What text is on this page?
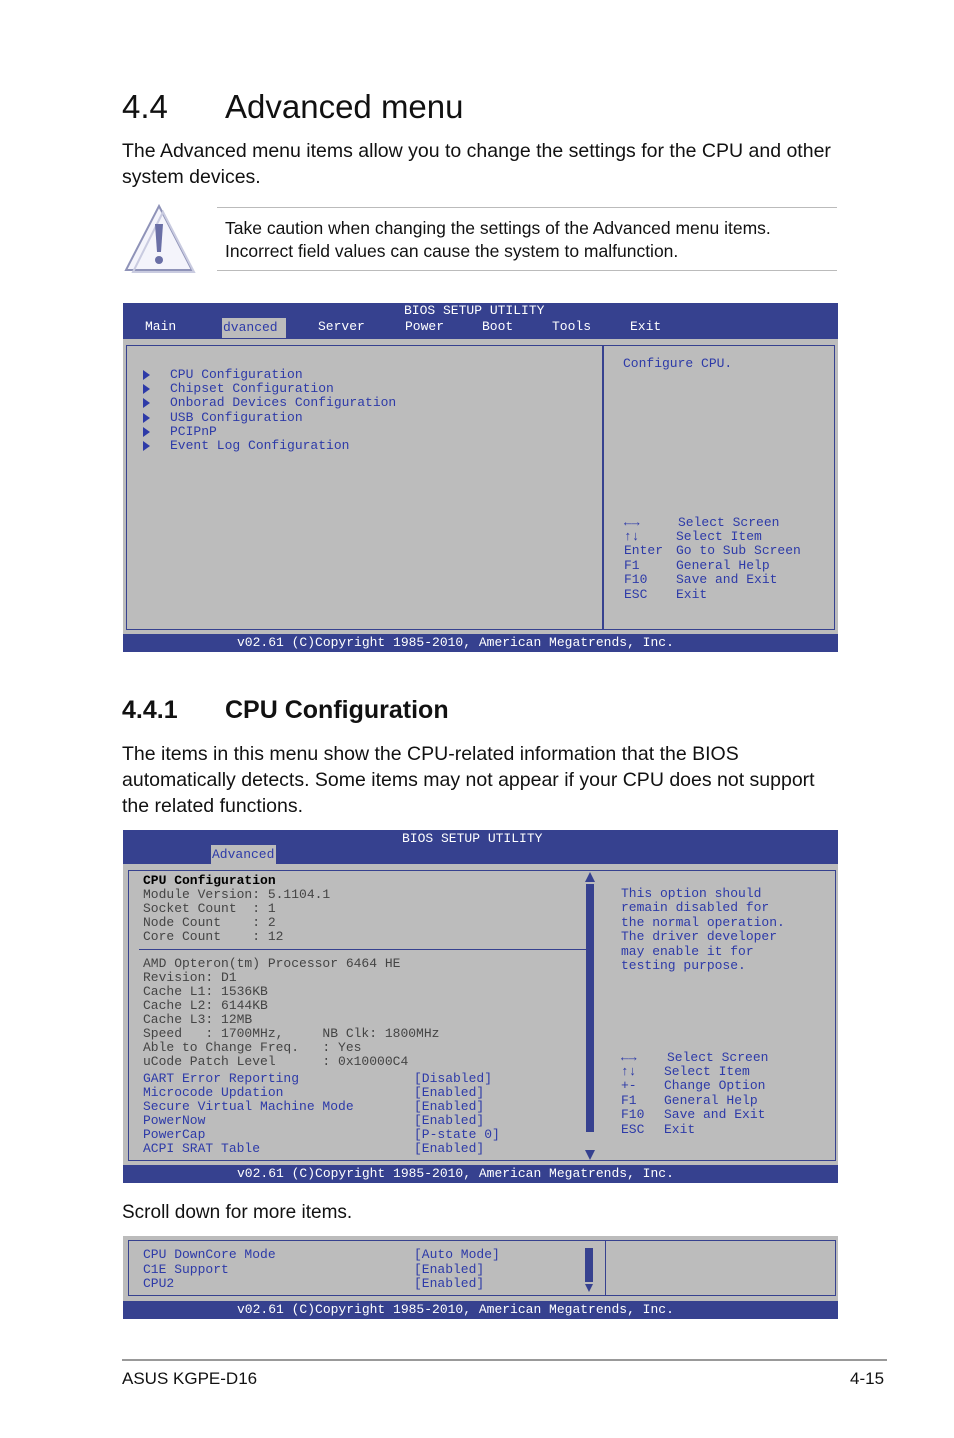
4.4 Advanced menu
The Advanced menu items allow you to change the settings for the CPU and other system devices.
Take caution when changing the settings of the Advanced menu items. Incorrect field values can cause the system to malfunction.
BIOS SETUP UTILITY
Main	dvanced	Server	Power	Boot	Tools	Exit
CPU Configuration
Chipset Configuration
Onborad Devices Configuration
USB Configuration
PCIPnP
Event Log Configuration
Configure CPU.
←→	Select Screen
↑↓	Select Item
Enter Go to Sub Screen
F1	General Help
F10 Save and Exit
ESC Exit
v02.61 (C)Copyright 1985-2010, American Megatrends, Inc.
4.4.1 CPU Configuration
The items in this menu show the CPU-related information that the BIOS automatically detects. Some items may not appear if your CPU does not support the related functions.
BIOS SETUP UTILITY
Advanced
CPU Configuration
Module Version: 5.1104.1
Socket Count  : 1
Node Count    : 2
Core Count    : 12
AMD Opteron(tm) Processor 6464 HE
Revision: D1
Cache L1: 1536KB
Cache L2: 6144KB
Cache L3: 12MB
Speed   : 1700MHz,     NB Clk: 1800MHz
Able to Change Freq.   : Yes
uCode Patch Level      : 0x10000C4
GART Error Reporting	[Disabled]
Microcode Updation	[Enabled]
Secure Virtual Machine Mode	[Enabled]
PowerNow	[Enabled]
PowerCap	[P-state 0]
ACPI SRAT Table	[Enabled]
This option should
remain disabled for
the normal operation.
The driver developer
may enable it for
testing purpose.
←→ Select Screen
↑↓ Select Item
+- Change Option
F1 General Help
F10 Save and Exit
ESC Exit
v02.61 (C)Copyright 1985-2010, American Megatrends, Inc.
Scroll down for more items.
CPU DownCore Mode	[Auto Mode]
C1E Support	[Enabled]
CPU2	[Enabled]
v02.61 (C)Copyright 1985-2010, American Megatrends, Inc.
ASUS KGPE-D16	4-15
